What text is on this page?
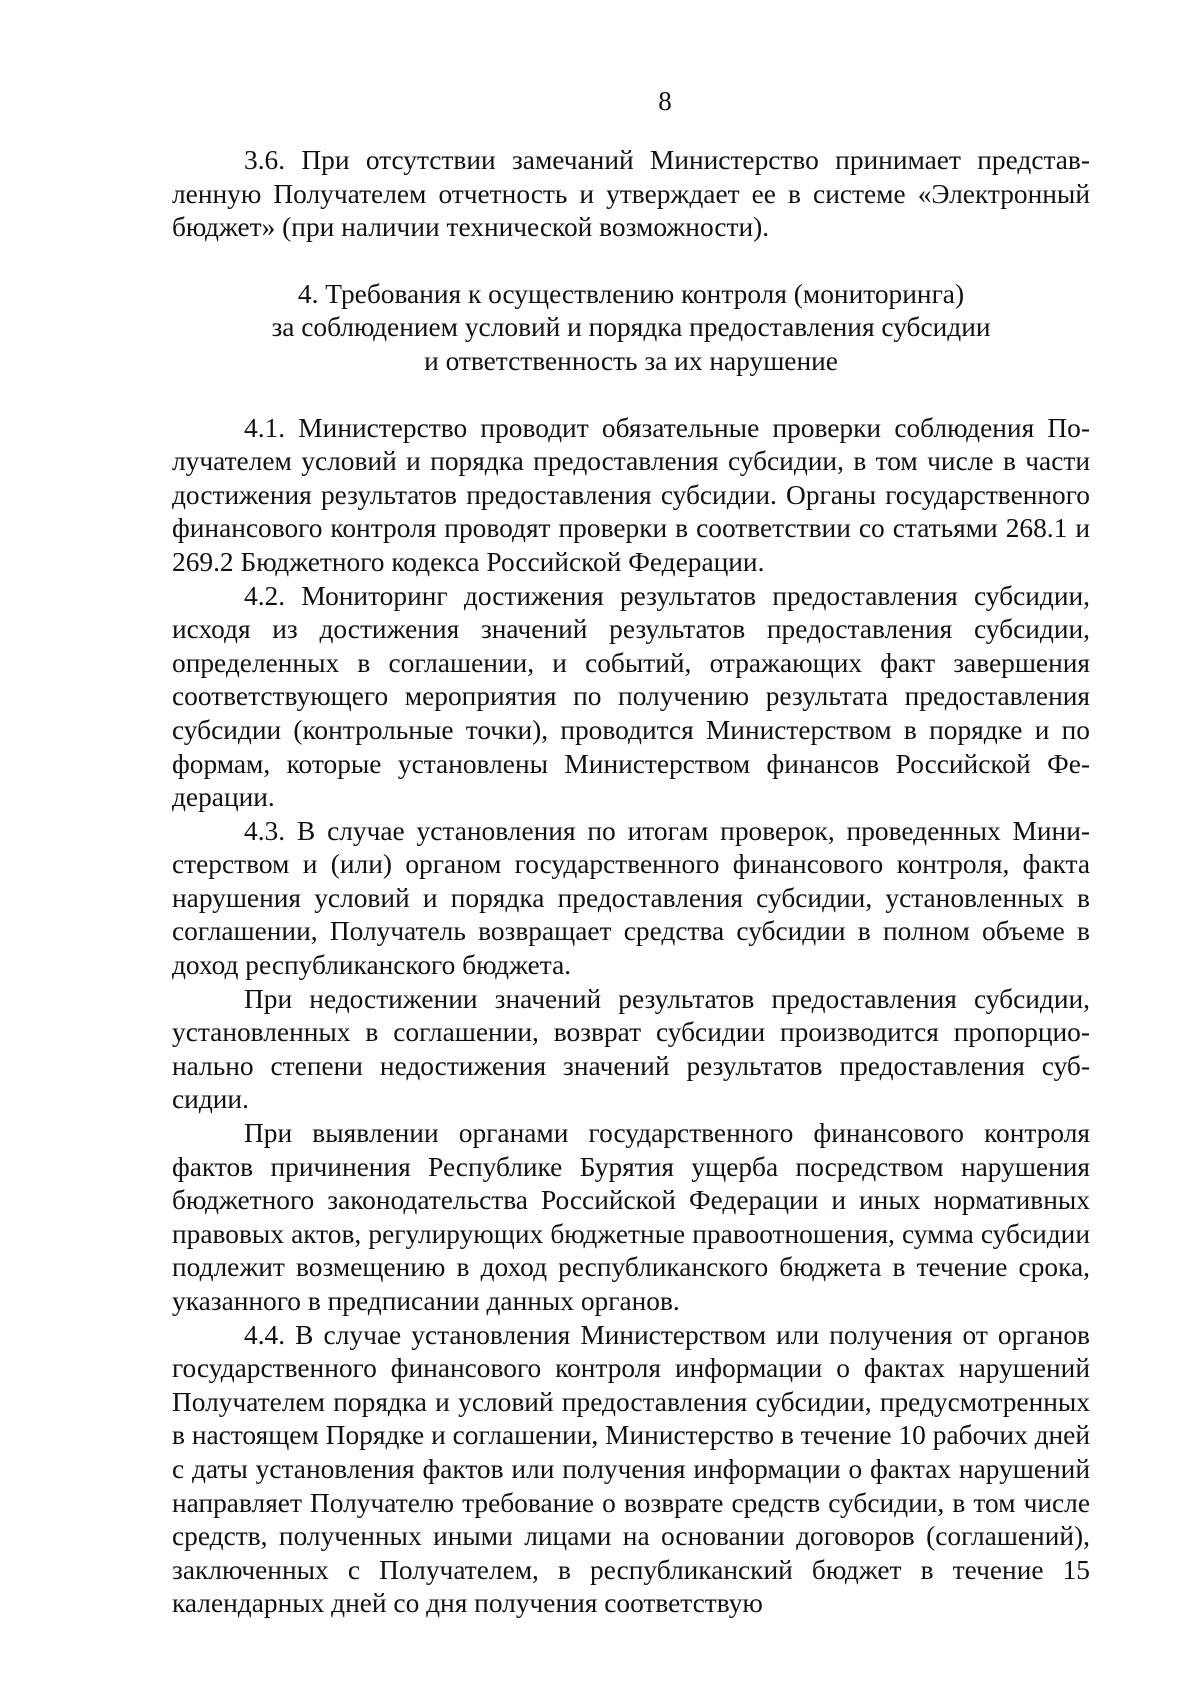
8

3.6. При отсутствии замечаний Министерство принимает представленную Получателем отчетность и утверждает ее в системе «Электронный бюджет» (при наличии технической возможности).

4. Требования к осуществлению контроля (мониторинга)

за соблюдением условий и порядка предоставления субсидии

и ответственность за их нарушение

4.1. Министерство проводит обязательные проверки соблюдения Получателем условий и порядка предоставления субсидии, в том числе в части достижения результатов предоставления субсидии. Органы государственного финансового контроля проводят проверки в соответствии со статьями 268.1 и 269.2 Бюджетного кодекса Российской Федерации.

4.2. Мониторинг достижения результатов предоставления субсидии, исходя из достижения значений результатов предоставления субсидии, определенных в соглашении, и событий, отражающих факт завершения соответствующего мероприятия по получению результата предоставления субсидии (контрольные точки), проводится Министерством в порядке и по формам, которые установлены Министерством финансов Российской Федерации.

4.3. В случае установления по итогам проверок, проведенных Министерством и (или) органом государственного финансового контроля, факта нарушения условий и порядка предоставления субсидии, установленных в соглашении, Получатель возвращает средства субсидии в полном объеме в доход республиканского бюджета.

При недостижении значений результатов предоставления субсидии, установленных в соглашении, возврат субсидии производится пропорционально степени недостижения значений результатов предоставления субсидии.

При выявлении органами государственного финансового контроля фактов причинения Республике Бурятия ущерба посредством нарушения бюджетного законодательства Российской Федерации и иных нормативных правовых актов, регулирующих бюджетные правоотношения, сумма субсидии подлежит возмещению в доход республиканского бюджета в течение срока, указанного в предписании данных органов.

4.4. В случае установления Министерством или получения от органов государственного финансового контроля информации о фактах нарушений Получателем порядка и условий предоставления субсидии, предусмотренных в настоящем Порядке и соглашении, Министерство в течение 10 рабочих дней с даты установления фактов или получения информации о фактах нарушений направляет Получателю требование о возврате средств субсидии, в том числе средств, полученных иными лицами на основании договоров (соглашений), заключенных с Получателем, в республиканский бюджет в течение 15 календарных дней со дня получения соответствую
